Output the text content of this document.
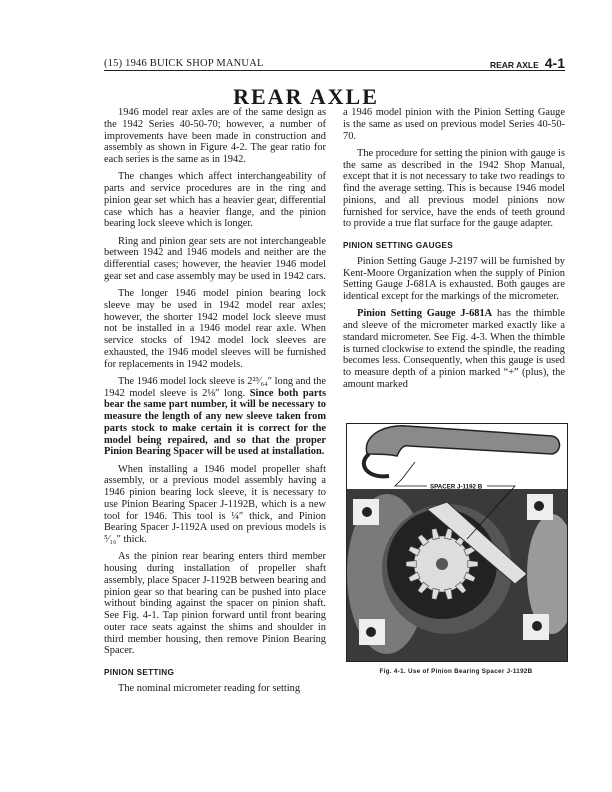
(15) 1946 BUICK SHOP MANUAL	REAR AXLE 4-1
REAR AXLE

1946 model rear axles are of the same design as the 1942 Series 40-50-70; however, a number of improvements have been made in construction and assembly as shown in Figure 4-2. The gear ratio for each series is the same as in 1942.

The changes which affect interchangeability of parts and service procedures are in the ring and pinion gear set which has a heavier gear, differential case which has a heavier flange, and the pinion bearing lock sleeve which is longer.

Ring and pinion gear sets are not interchangeable between 1942 and 1946 models and neither are the differential cases; however, the heavier 1946 model gear set and case assembly may be used in 1942 cars.

The longer 1946 model pinion bearing lock sleeve may be used in 1942 model rear axles; however, the shorter 1942 model lock sleeve must not be installed in a 1946 model rear axle. When service stocks of 1942 model lock sleeves are exhausted, the 1946 model sleeves will be furnished for replacements in 1942 models.

The 1946 model lock sleeve is 2²³⁄₆₄″ long and the 1942 model sleeve is 2⅛″ long. Since both parts bear the same part number, it will be necessary to measure the length of any new sleeve taken from parts stock to make certain it is correct for the model being repaired, and so that the proper Pinion Bearing Spacer will be used at installation.

When installing a 1946 model propeller shaft assembly, or a previous model assembly having a 1946 pinion bearing lock sleeve, it is necessary to use Pinion Bearing Spacer J-1192B, which is a new tool for 1946. This tool is ¼″ thick, and Pinion Bearing Spacer J-1192A used on previous models is ⁵⁄₁₆″ thick.

As the pinion rear bearing enters third member housing during installation of propeller shaft assembly, place Spacer J-1192B between bearing and pinion gear so that bearing can be pushed into place without binding against the spacer on pinion shaft. See Fig. 4-1. Tap pinion forward until front bearing outer race seats against the shims and shoulder in third member housing, then remove Pinion Bearing Spacer.

PINION SETTING

The nominal micrometer reading for setting

a 1946 model pinion with the Pinion Setting Gauge is the same as used on previous model Series 40-50-70.

The procedure for setting the pinion with gauge is the same as described in the 1942 Shop Manual, except that it is not necessary to take two readings to find the average setting. This is because 1946 model pinions, and all previous model pinions now furnished for service, have the ends of teeth ground to provide a true flat surface for the gauge adapter.

PINION SETTING GAUGES

Pinion Setting Gauge J-2197 will be furnished by Kent-Moore Organization when the supply of Pinion Setting Gauge J-681A is exhausted. Both gauges are identical except for the markings of the micrometer.

Pinion Setting Gauge J-681A has the thimble and sleeve of the micrometer marked exactly like a standard micrometer. See Fig. 4-3. When the thimble is turned clockwise to extend the spindle, the reading becomes less. Consequently, when this gauge is used to measure depth of a pinion marked “+” (plus), the amount marked

SPACER J-1192 B
Fig. 4-1. Use of Pinion Bearing Spacer J-1192B
